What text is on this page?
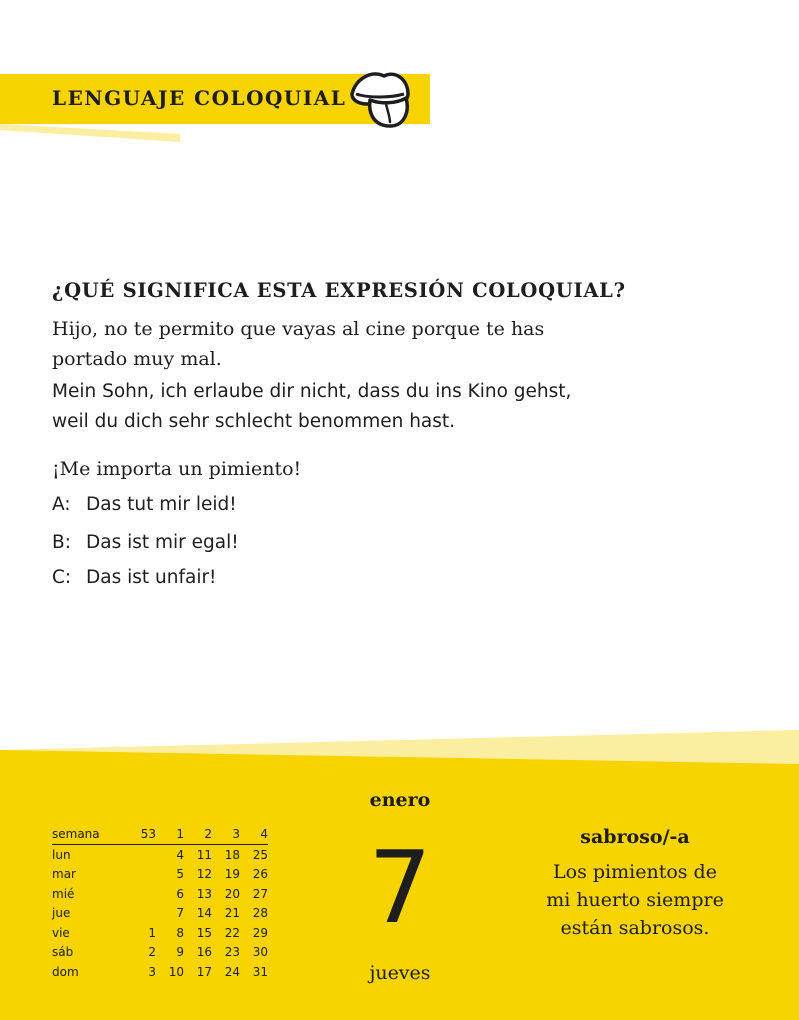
LENGUAJE COLOQUIAL
¿QUÉ SIGNIFICA ESTA EXPRESIÓN COLOQUIAL?
Hijo, no te permito que vayas al cine porque te has
portado muy mal.
Mein Sohn, ich erlaube dir nicht, dass du ins Kino gehst,
weil du dich sehr schlecht benommen hast.
¡Me importa un pimiento!
A: Das tut mir leid!
B: Das ist mir egal!
C: Das ist unfair!
semana	53	1	2	3	4
lun		4	11	18	25
mar		5	12	19	26
mié		6	13	20	27
jue		7	14	21	28
vie	1	8	15	22	29
sáb	2	9	16	23	30
dom	3	10	17	24	31
enero
7
jueves
sabroso/-a
Los pimientos de
mi huerto siempre
están sabrosos.
